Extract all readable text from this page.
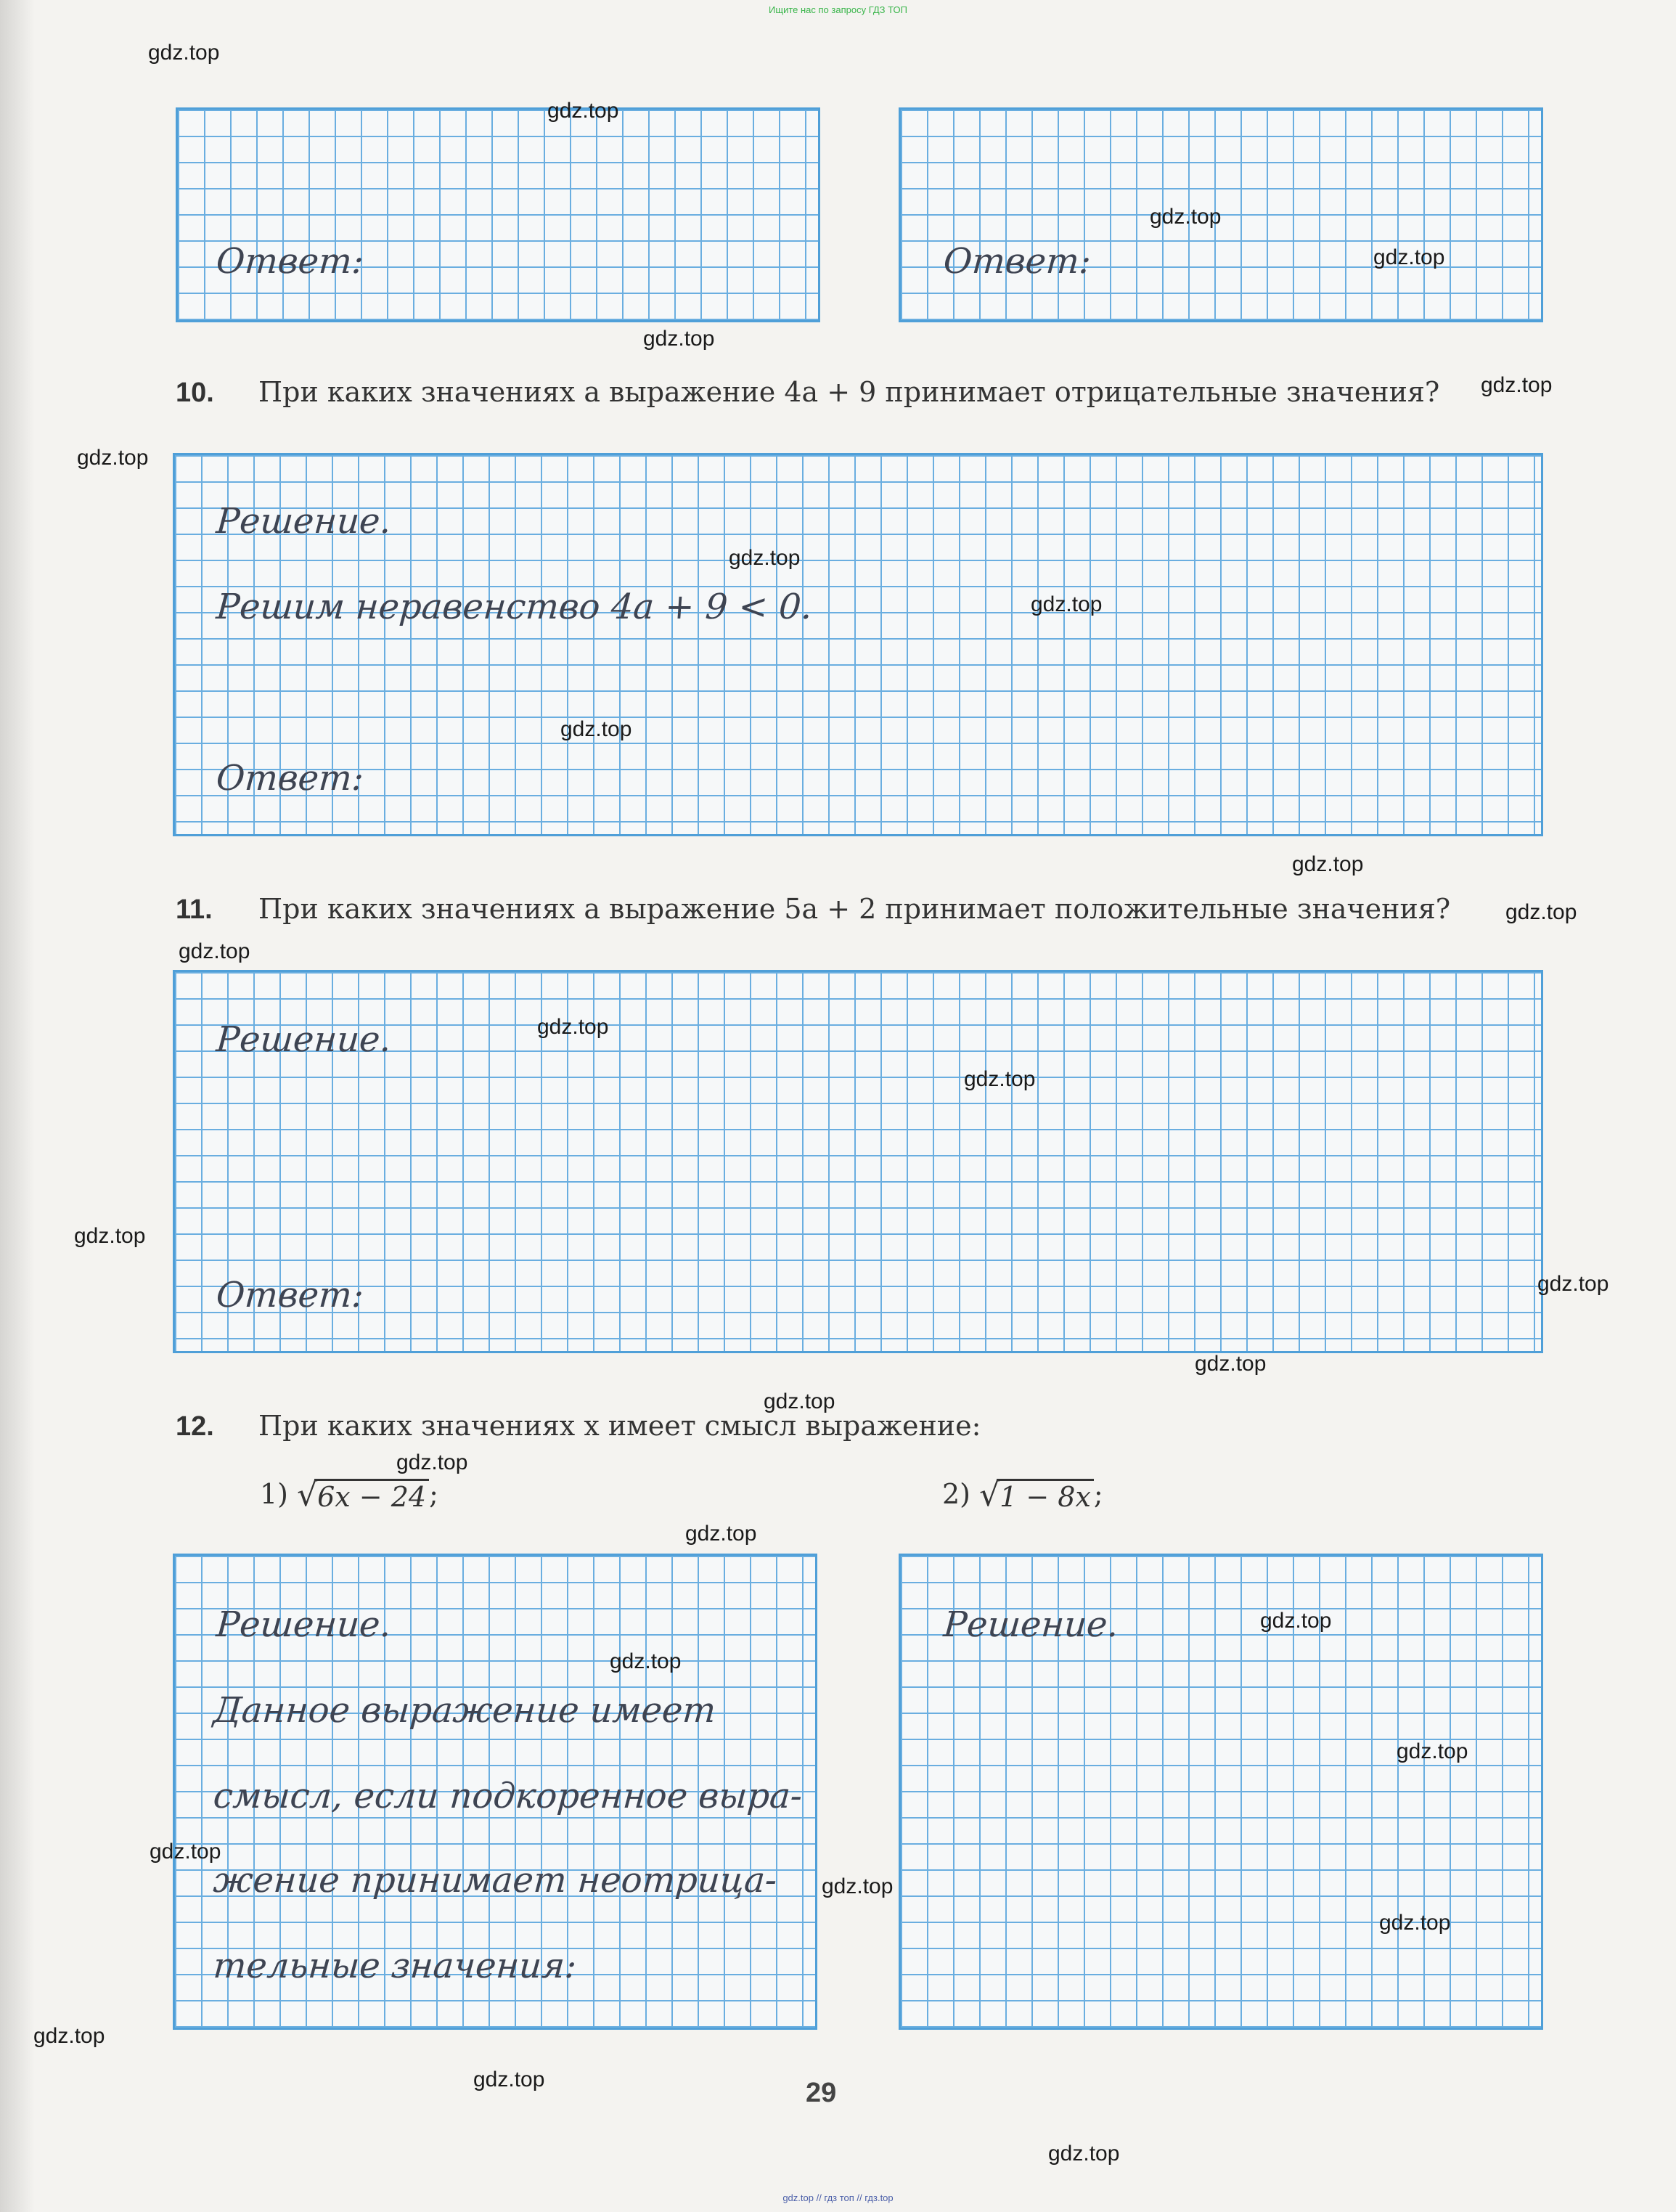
Ищите нас по запросу ГДЗ ТОП
Ответ:	Ответ:
10. При каких значениях a выражение 4a + 9 принимает отрицательные значения?
Решение.
Решим неравенство 4a + 9 < 0.
Ответ:
11. При каких значениях a выражение 5a + 2 принимает положительные значения?
Решение.
Ответ:
12. При каких значениях x имеет смысл выражение:
1) √ 6x − 24 ;	2) √ 1 − 8x ;
Решение.
Данное выражение имеет
смысл, если подкоренное выра-
жение принимает неотрица-
тельные значения:
Решение.
gdz.top
gdz.top
gdz.top
gdz.top
gdz.top
gdz.top
gdz.top
gdz.top
gdz.top
gdz.top
gdz.top
gdz.top
gdz.top
gdz.top
gdz.top
gdz.top
gdz.top
gdz.top
gdz.top
gdz.top
gdz.top
gdz.top
gdz.top
gdz.top
gdz.top
gdz.top
gdz.top
gdz.top
gdz.top
gdz.top
29
gdz.top // гдз топ // гдз.top
